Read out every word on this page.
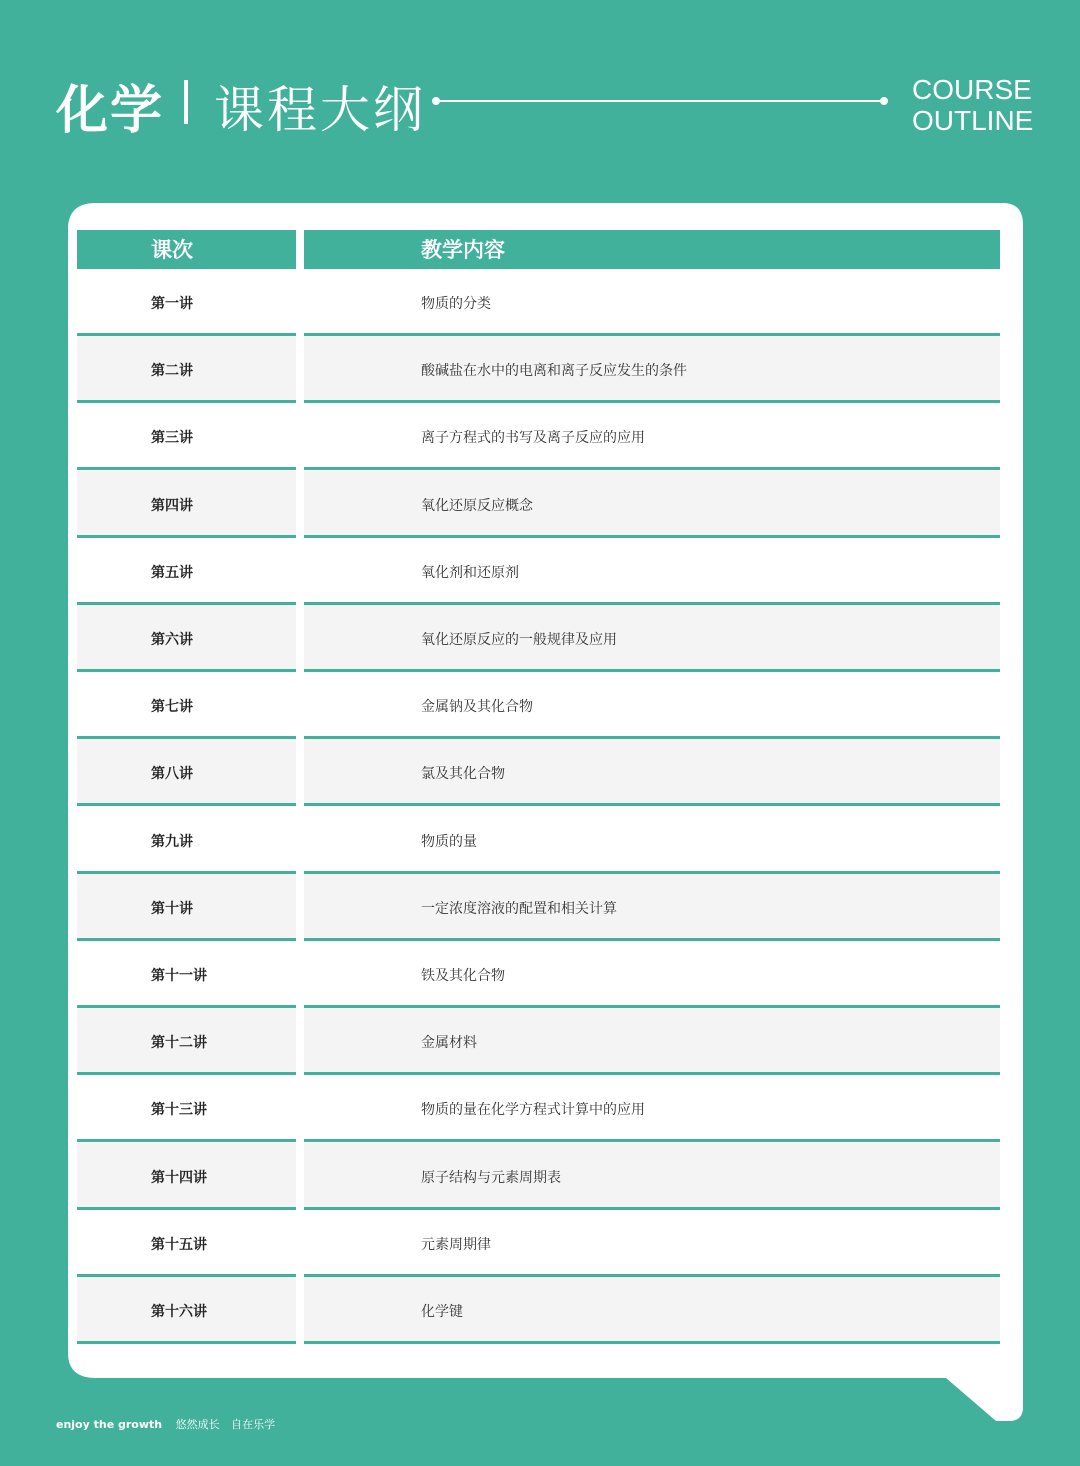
化学 课程大纲	COURSE
OUTLINE
课次	教学内容
第一讲	物质的分类
第二讲	酸碱盐在水中的电离和离子反应发生的条件
第三讲	离子方程式的书写及离子反应的应用
第四讲	氧化还原反应概念
第五讲	氧化剂和还原剂
第六讲	氧化还原反应的一般规律及应用
第七讲	金属钠及其化合物
第八讲	氯及其化合物
第九讲	物质的量
第十讲	一定浓度溶液的配置和相关计算
第十一讲	铁及其化合物
第十二讲	金属材料
第十三讲	物质的量在化学方程式计算中的应用
第十四讲	原子结构与元素周期表
第十五讲	元素周期律
第十六讲	化学键
enjoy the growth 悠然成长 自在乐学
